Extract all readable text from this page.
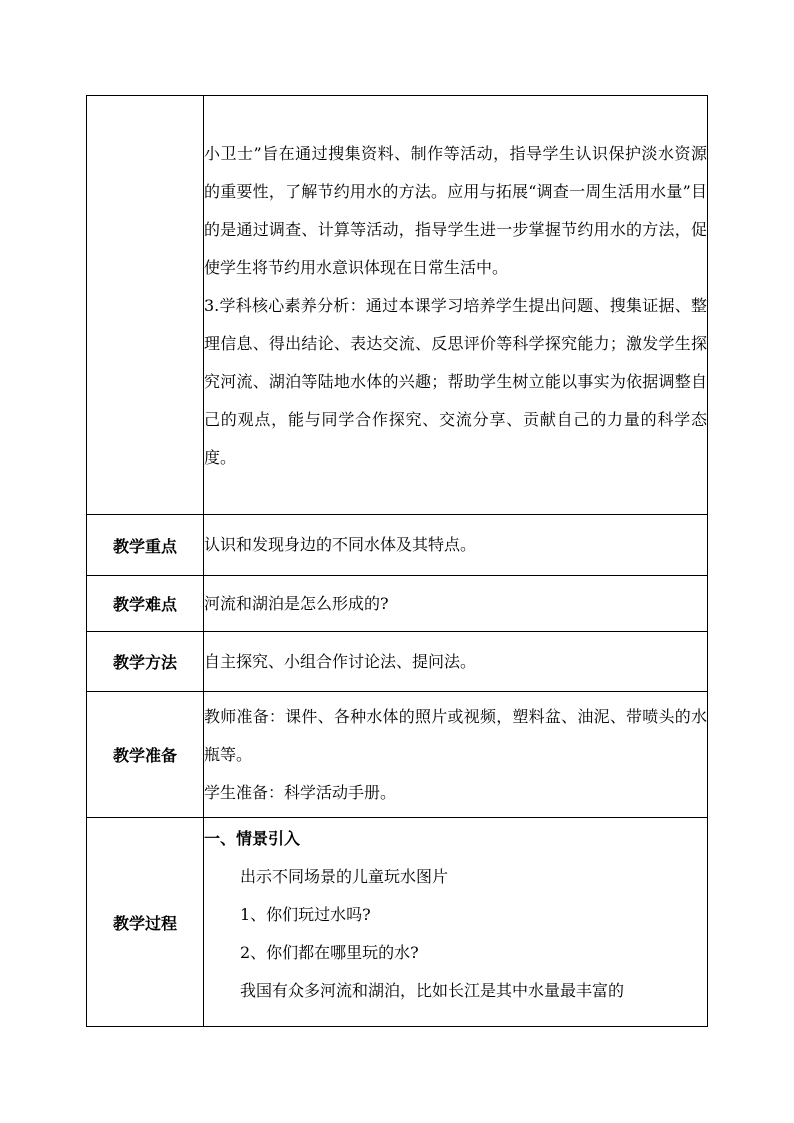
	小卫士”旨在通过搜集资料、制作等活动，指导学生认识保护淡水资源的重要性，了解节约用水的方法。应用与拓展“调查一周生活用水量”目的是通过调查、计算等活动，指导学生进一步掌握节约用水的方法，促使学生将节约用水意识体现在日常生活中。

3.学科核心素养分析：通过本课学习培养学生提出问题、搜集证据、整理信息、得出结论、表达交流、反思评价等科学探究能力；激发学生探究河流、湖泊等陆地水体的兴趣；帮助学生树立能以事实为依据调整自己的观点，能与同学合作探究、交流分享、贡献自己的力量的科学态度。

教学重点	认识和发现身边的不同水体及其特点。
教学难点	河流和湖泊是怎么形成的?
教学方法	自主探究、小组合作讨论法、提问法。
教学准备	教师准备：课件、各种水体的照片或视频，塑料盆、油泥、带喷头的水瓶等。

学生准备：科学活动手册。

教学过程	一、情景引入

出示不同场景的儿童玩水图片

1、你们玩过水吗?

2、你们都在哪里玩的水?

我国有众多河流和湖泊，比如长江是其中水量最丰富的
